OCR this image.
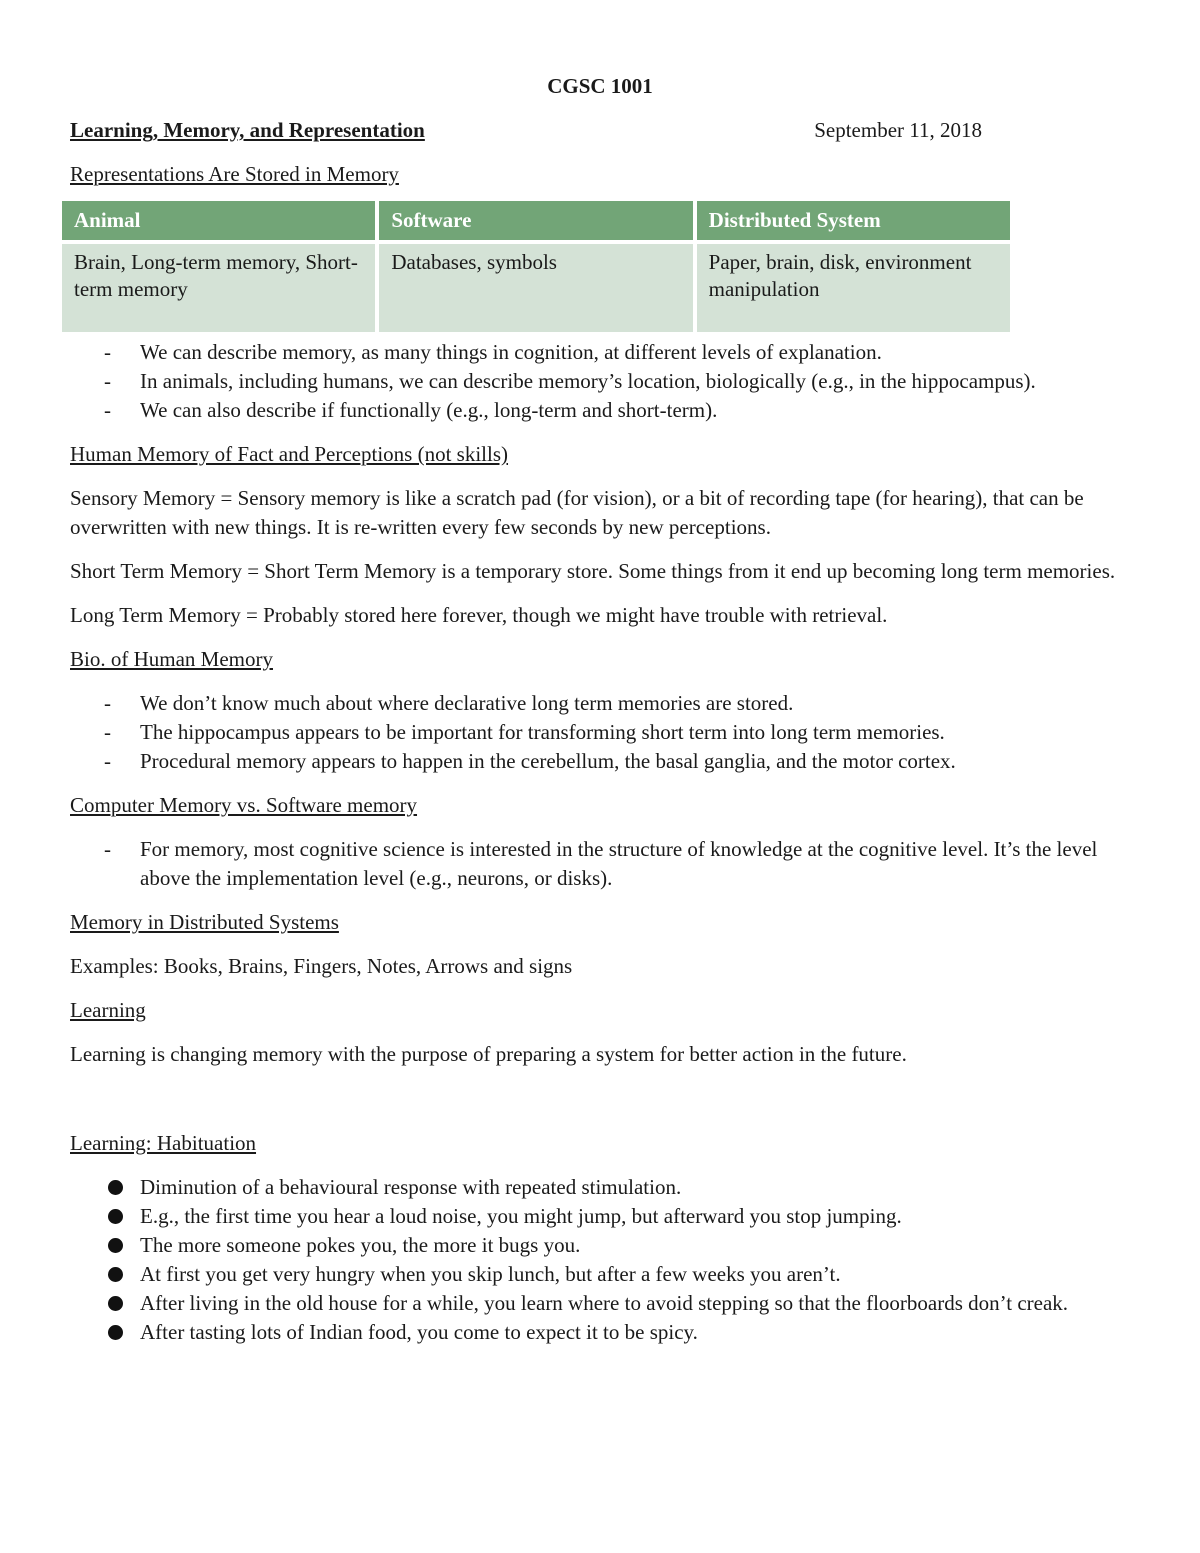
CGSC 1001
Learning, Memory, and Representation	September 11, 2018
Representations Are Stored in Memory
Animal	Software	Distributed System
Brain, Long-term memory, Short-term memory	Databases, symbols	Paper, brain, disk, environment manipulation
- We can describe memory, as many things in cognition, at different levels of explanation.
- In animals, including humans, we can describe memory’s location, biologically (e.g., in the hippocampus).
- We can also describe if functionally (e.g., long-term and short-term).
Human Memory of Fact and Perceptions (not skills)

Sensory Memory = Sensory memory is like a scratch pad (for vision), or a bit of recording tape (for hearing), that can be overwritten with new things. It is re-written every few seconds by new perceptions.

Short Term Memory = Short Term Memory is a temporary store. Some things from it end up becoming long term memories.

Long Term Memory = Probably stored here forever, though we might have trouble with retrieval.

Bio. of Human Memory
- We don’t know much about where declarative long term memories are stored.
- The hippocampus appears to be important for transforming short term into long term memories.
- Procedural memory appears to happen in the cerebellum, the basal ganglia, and the motor cortex.
Computer Memory vs. Software memory
- For memory, most cognitive science is interested in the structure of knowledge at the cognitive level. It’s the level above the implementation level (e.g., neurons, or disks).
Memory in Distributed Systems

Examples: Books, Brains, Fingers, Notes, Arrows and signs

Learning

Learning is changing memory with the purpose of preparing a system for better action in the future.

Learning: Habituation
Diminution of a behavioural response with repeated stimulation.
E.g., the first time you hear a loud noise, you might jump, but afterward you stop jumping.
The more someone pokes you, the more it bugs you.
At first you get very hungry when you skip lunch, but after a few weeks you aren’t.
After living in the old house for a while, you learn where to avoid stepping so that the floorboards don’t creak.
After tasting lots of Indian food, you come to expect it to be spicy.
